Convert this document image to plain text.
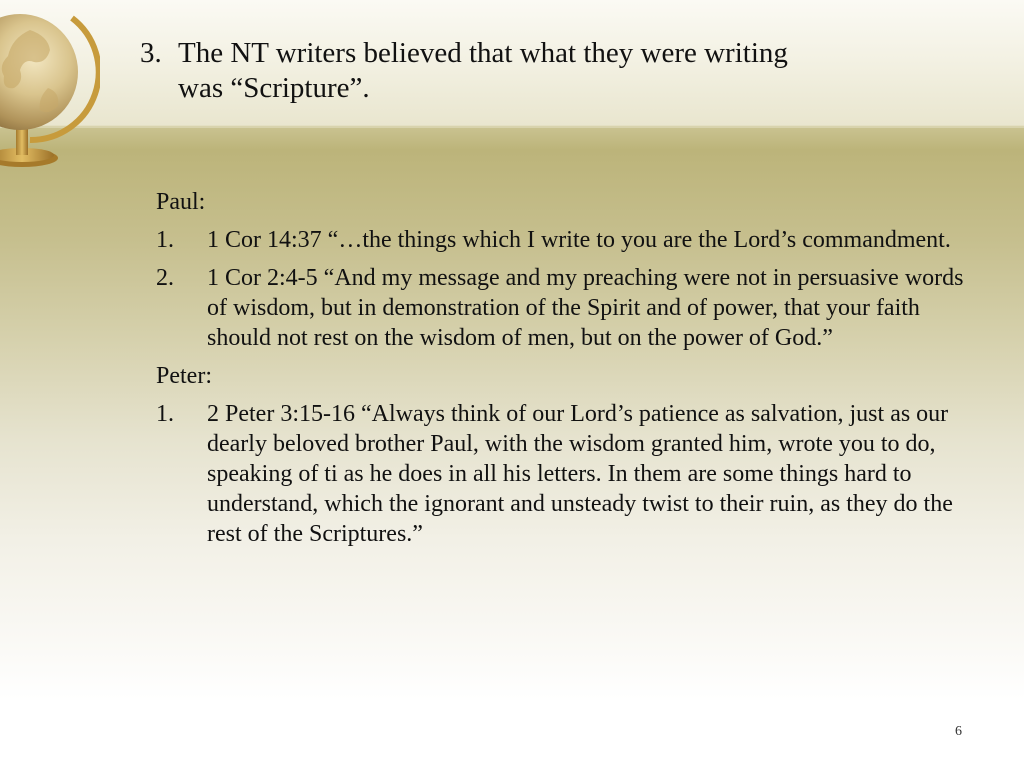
3. The NT writers believed that what they were writing
was “Scripture”.

Paul:

1. 1 Cor 14:37 “…the things which I write to you are the Lord’s commandment.
2. 1 Cor 2:4-5 “And my message and my preaching were not in persuasive words of wisdom, but in demonstration of the Spirit and of power, that your faith should not rest on the wisdom of men, but on the power of God.”

Peter:

1. 2 Peter 3:15-16 “Always think of our Lord’s patience as salvation, just as our dearly beloved brother Paul, with the wisdom granted him, wrote you to do, speaking of ti as he does in all his letters. In them are some things hard to understand, which the ignorant and unsteady twist to their ruin, as they do the rest of the Scriptures.”
6
